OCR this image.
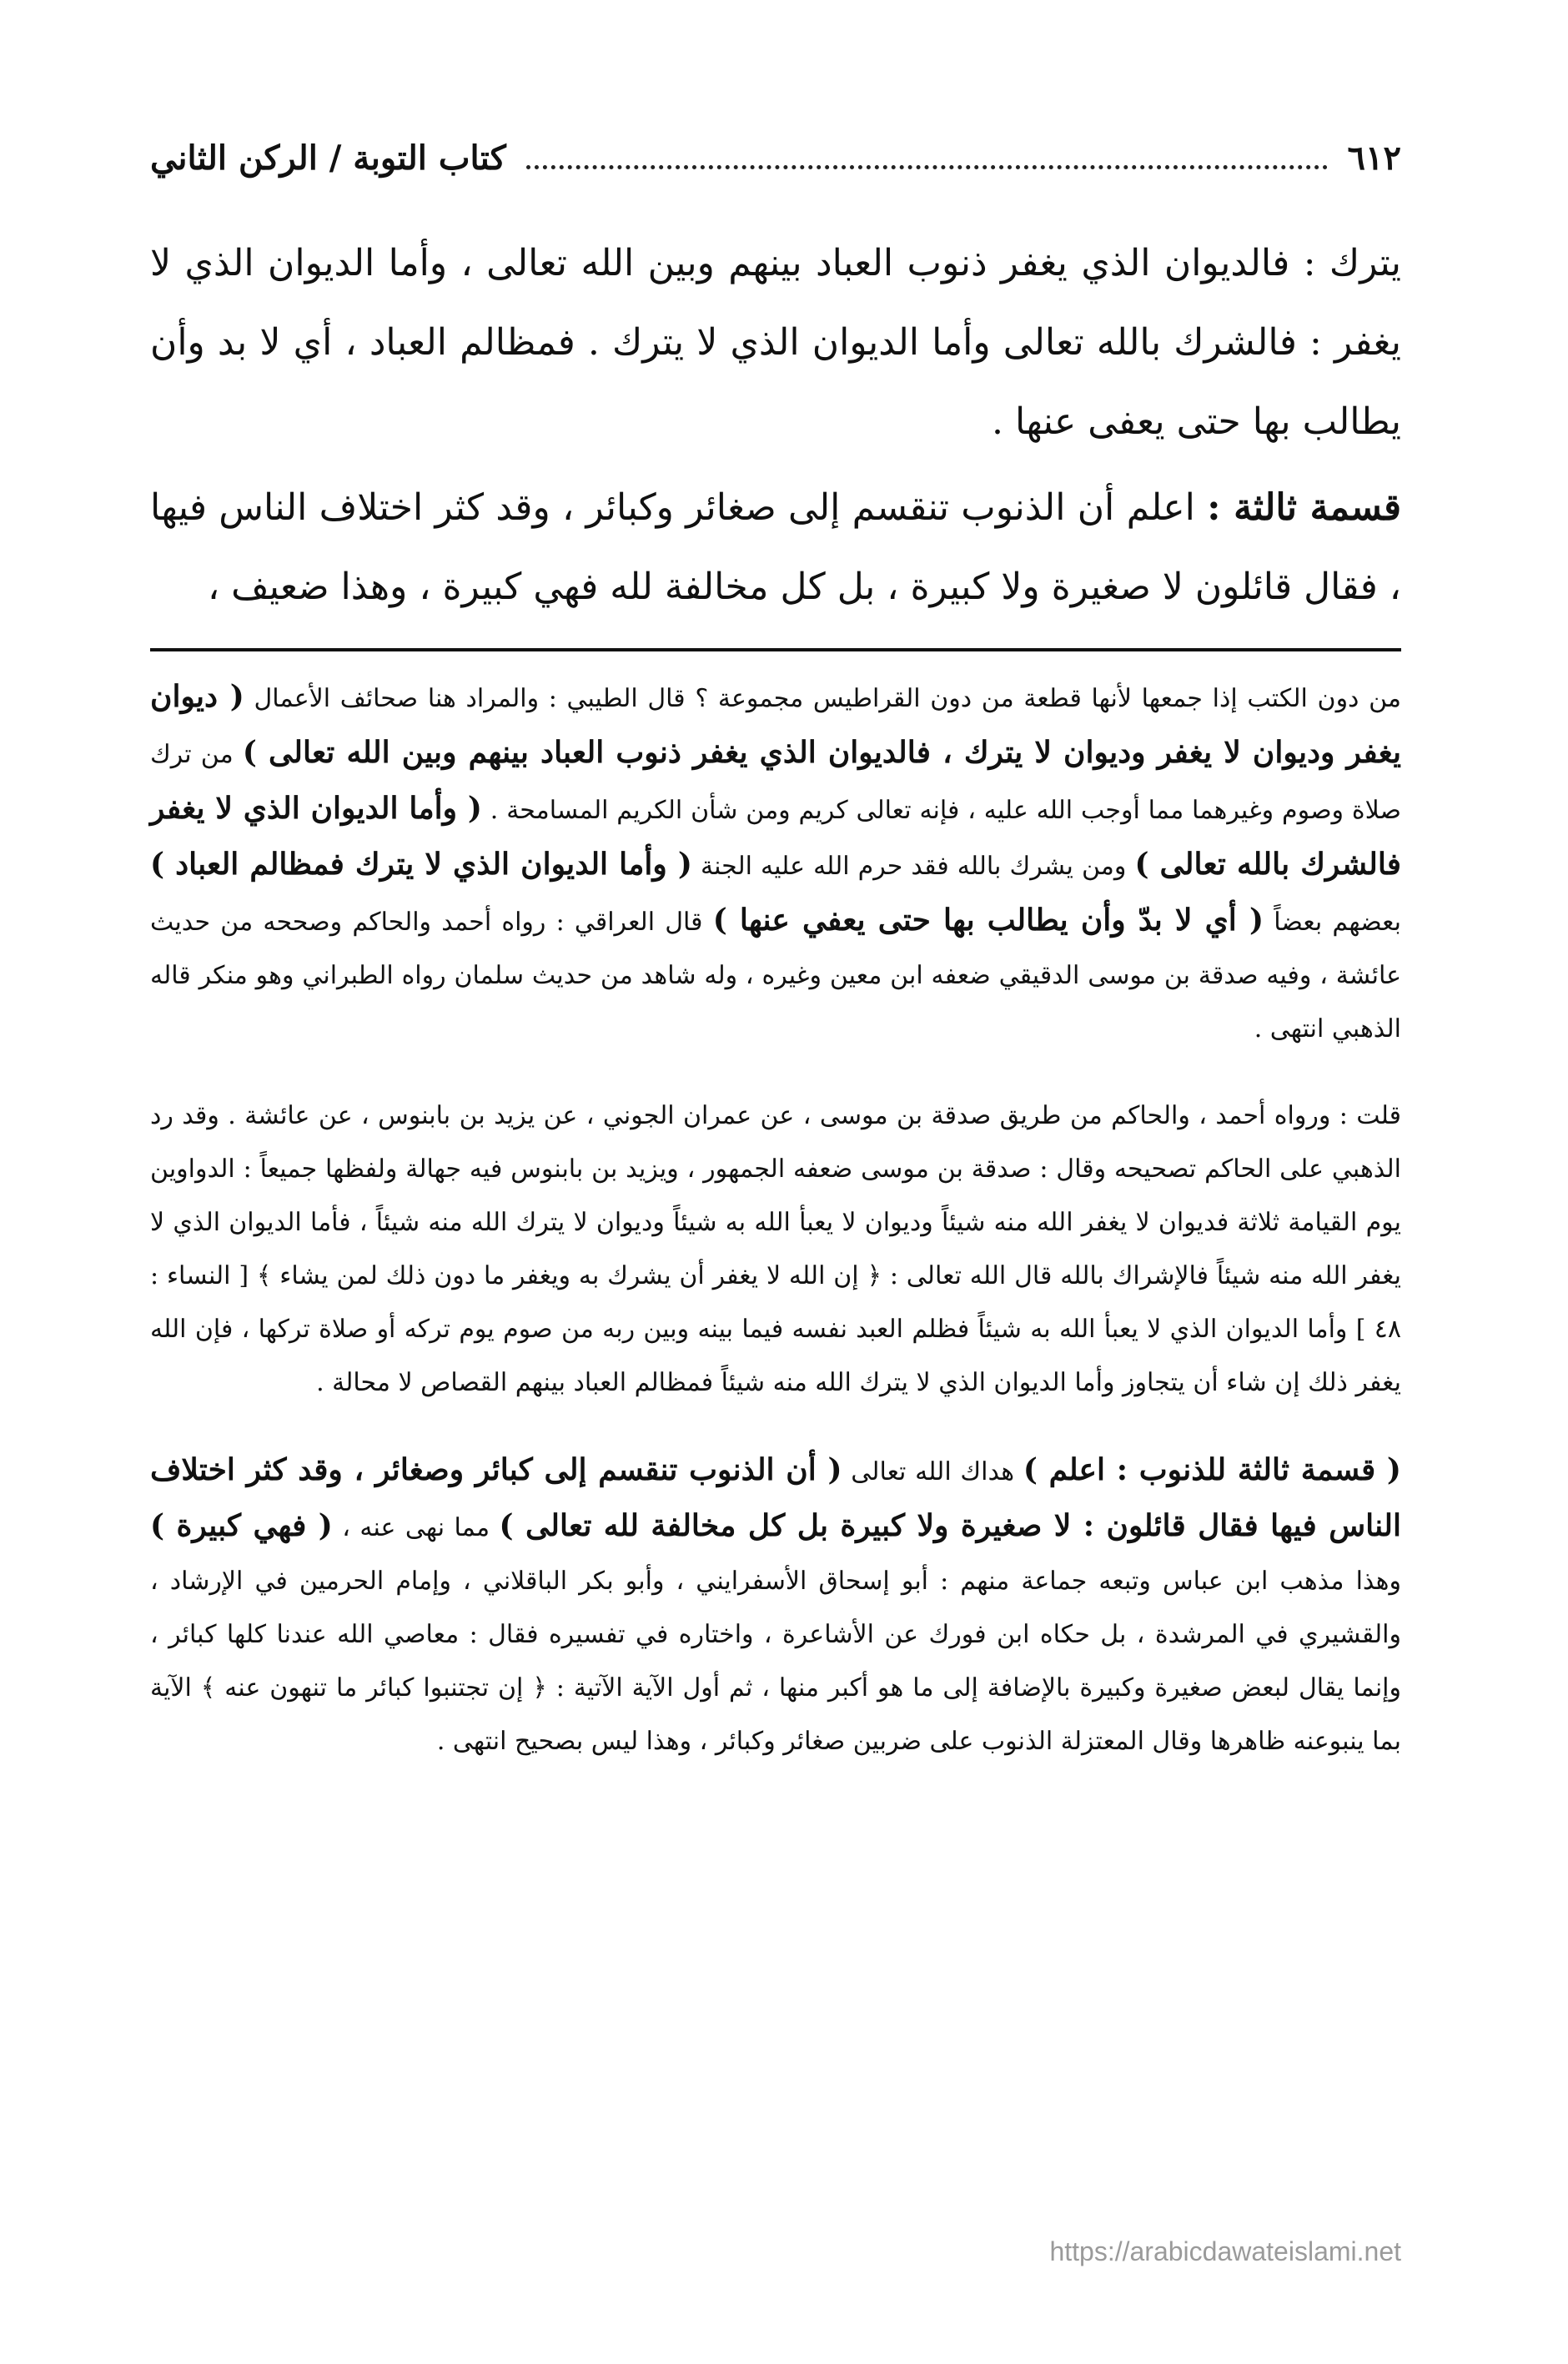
٦١٢
كتاب التوبة / الركن الثاني

يترك : فالديوان الذي يغفر ذنوب العباد بينهم وبين الله تعالى ، وأما الديوان الذي لا يغفر : فالشرك بالله تعالى وأما الديوان الذي لا يترك . فمظالم العباد ، أي لا بد وأن يطالب بها حتى يعفى عنها .

قسمة ثالثة : اعلم أن الذنوب تنقسم إلى صغائر وكبائر ، وقد كثر اختلاف الناس فيها ، فقال قائلون لا صغيرة ولا كبيرة ، بل كل مخالفة لله فهي كبيرة ، وهذا ضعيف ،

من دون الكتب إذا جمعها لأنها قطعة من دون القراطيس مجموعة ؟ قال الطيبي : والمراد هنا صحائف الأعمال ( ديوان يغفر وديوان لا يغفر وديوان لا يترك ، فالديوان الذي يغفر ذنوب العباد بينهم وبين الله تعالى ) من ترك صلاة وصوم وغيرهما مما أوجب الله عليه ، فإنه تعالى كريم ومن شأن الكريم المسامحة . ( وأما الديوان الذي لا يغفر فالشرك بالله تعالى ) ومن يشرك بالله فقد حرم الله عليه الجنة ( وأما الديوان الذي لا يترك فمظالم العباد ) بعضهم بعضاً ( أي لا بدّ وأن يطالب بها حتى يعفي عنها ) قال العراقي : رواه أحمد والحاكم وصححه من حديث عائشة ، وفيه صدقة بن موسى الدقيقي ضعفه ابن معين وغيره ، وله شاهد من حديث سلمان رواه الطبراني وهو منكر قاله الذهبي انتهى .

قلت : ورواه أحمد ، والحاكم من طريق صدقة بن موسى ، عن عمران الجوني ، عن يزيد بن بابنوس ، عن عائشة . وقد رد الذهبي على الحاكم تصحيحه وقال : صدقة بن موسى ضعفه الجمهور ، ويزيد بن بابنوس فيه جهالة ولفظها جميعاً : الدواوين يوم القيامة ثلاثة فديوان لا يغفر الله منه شيئاً وديوان لا يعبأ الله به شيئاً وديوان لا يترك الله منه شيئاً ، فأما الديوان الذي لا يغفر الله منه شيئاً فالإشراك بالله قال الله تعالى : ﴿ إن الله لا يغفر أن يشرك به ويغفر ما دون ذلك لمن يشاء ﴾ [ النساء : ٤٨ ] وأما الديوان الذي لا يعبأ الله به شيئاً فظلم العبد نفسه فيما بينه وبين ربه من صوم يوم تركه أو صلاة تركها ، فإن الله يغفر ذلك إن شاء أن يتجاوز وأما الديوان الذي لا يترك الله منه شيئاً فمظالم العباد بينهم القصاص لا محالة .

( قسمة ثالثة للذنوب : اعلم ) هداك الله تعالى ( أن الذنوب تنقسم إلى كبائر وصغائر ، وقد كثر اختلاف الناس فيها فقال قائلون : لا صغيرة ولا كبيرة بل كل مخالفة لله تعالى ) مما نهى عنه ، ( فهي كبيرة ) وهذا مذهب ابن عباس وتبعه جماعة منهم : أبو إسحاق الأسفرايني ، وأبو بكر الباقلاني ، وإمام الحرمين في الإرشاد ، والقشيري في المرشدة ، بل حكاه ابن فورك عن الأشاعرة ، واختاره في تفسيره فقال : معاصي الله عندنا كلها كبائر ، وإنما يقال لبعض صغيرة وكبيرة بالإضافة إلى ما هو أكبر منها ، ثم أول الآية الآتية : ﴿ إن تجتنبوا كبائر ما تنهون عنه ﴾ الآية بما ينبوعنه ظاهرها وقال المعتزلة الذنوب على ضربين صغائر وكبائر ، وهذا ليس بصحيح انتهى .

https://arabicdawateislami.net
